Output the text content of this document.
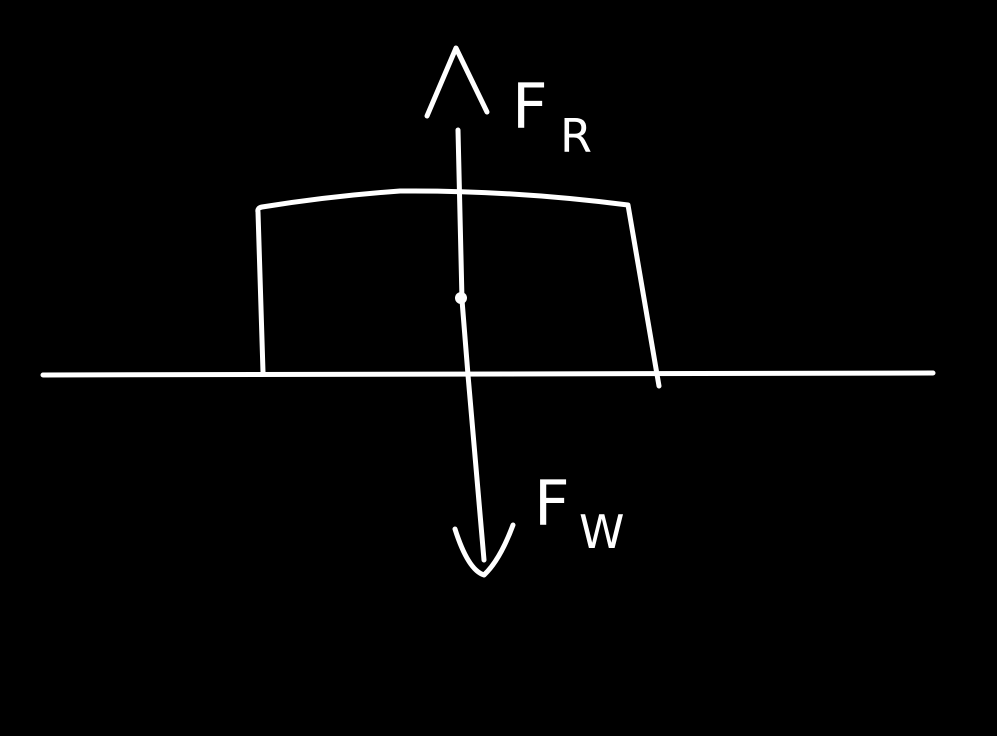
F R
F W
